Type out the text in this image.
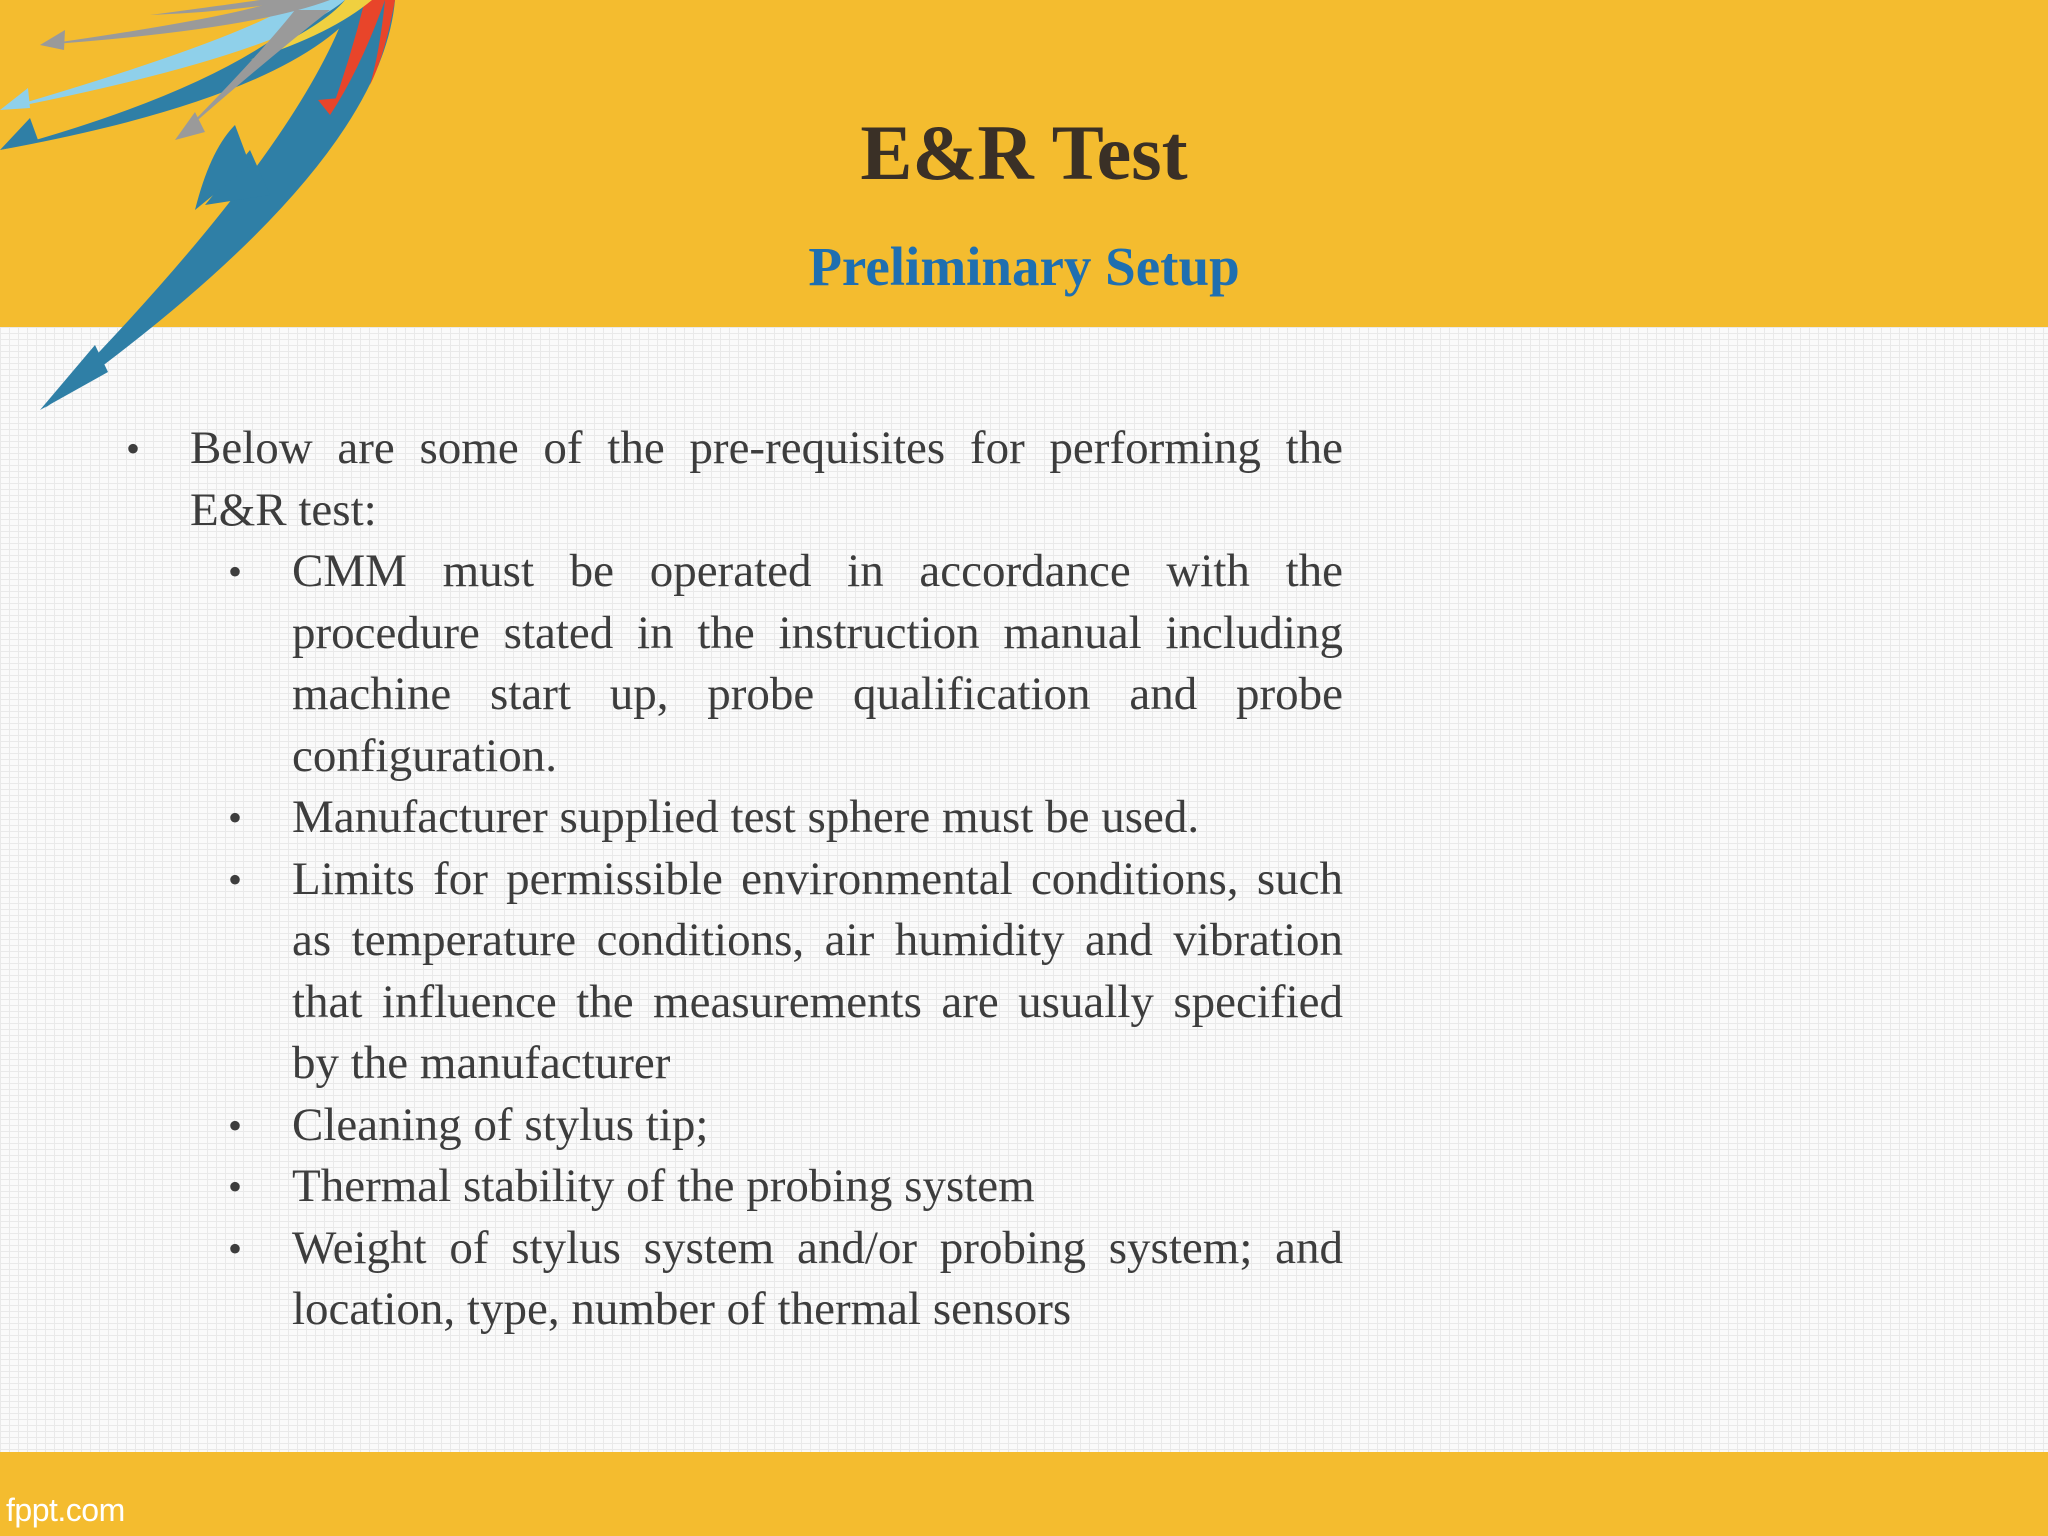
E&R Test
Preliminary Setup
• Below are some of the pre-requisites for performing the E&R test:
• CMM must be operated in accordance with the procedure stated in the instruction manual including machine start up, probe qualification and probe configuration.
• Manufacturer supplied test sphere must be used.
• Limits for permissible environmental conditions, such as temperature conditions, air humidity and vibration that influence the measurements are usually specified by the manufacturer
• Cleaning of stylus tip;
• Thermal stability of the probing system
• Weight of stylus system and/or probing system; and location, type, number of thermal sensors
fppt.com
